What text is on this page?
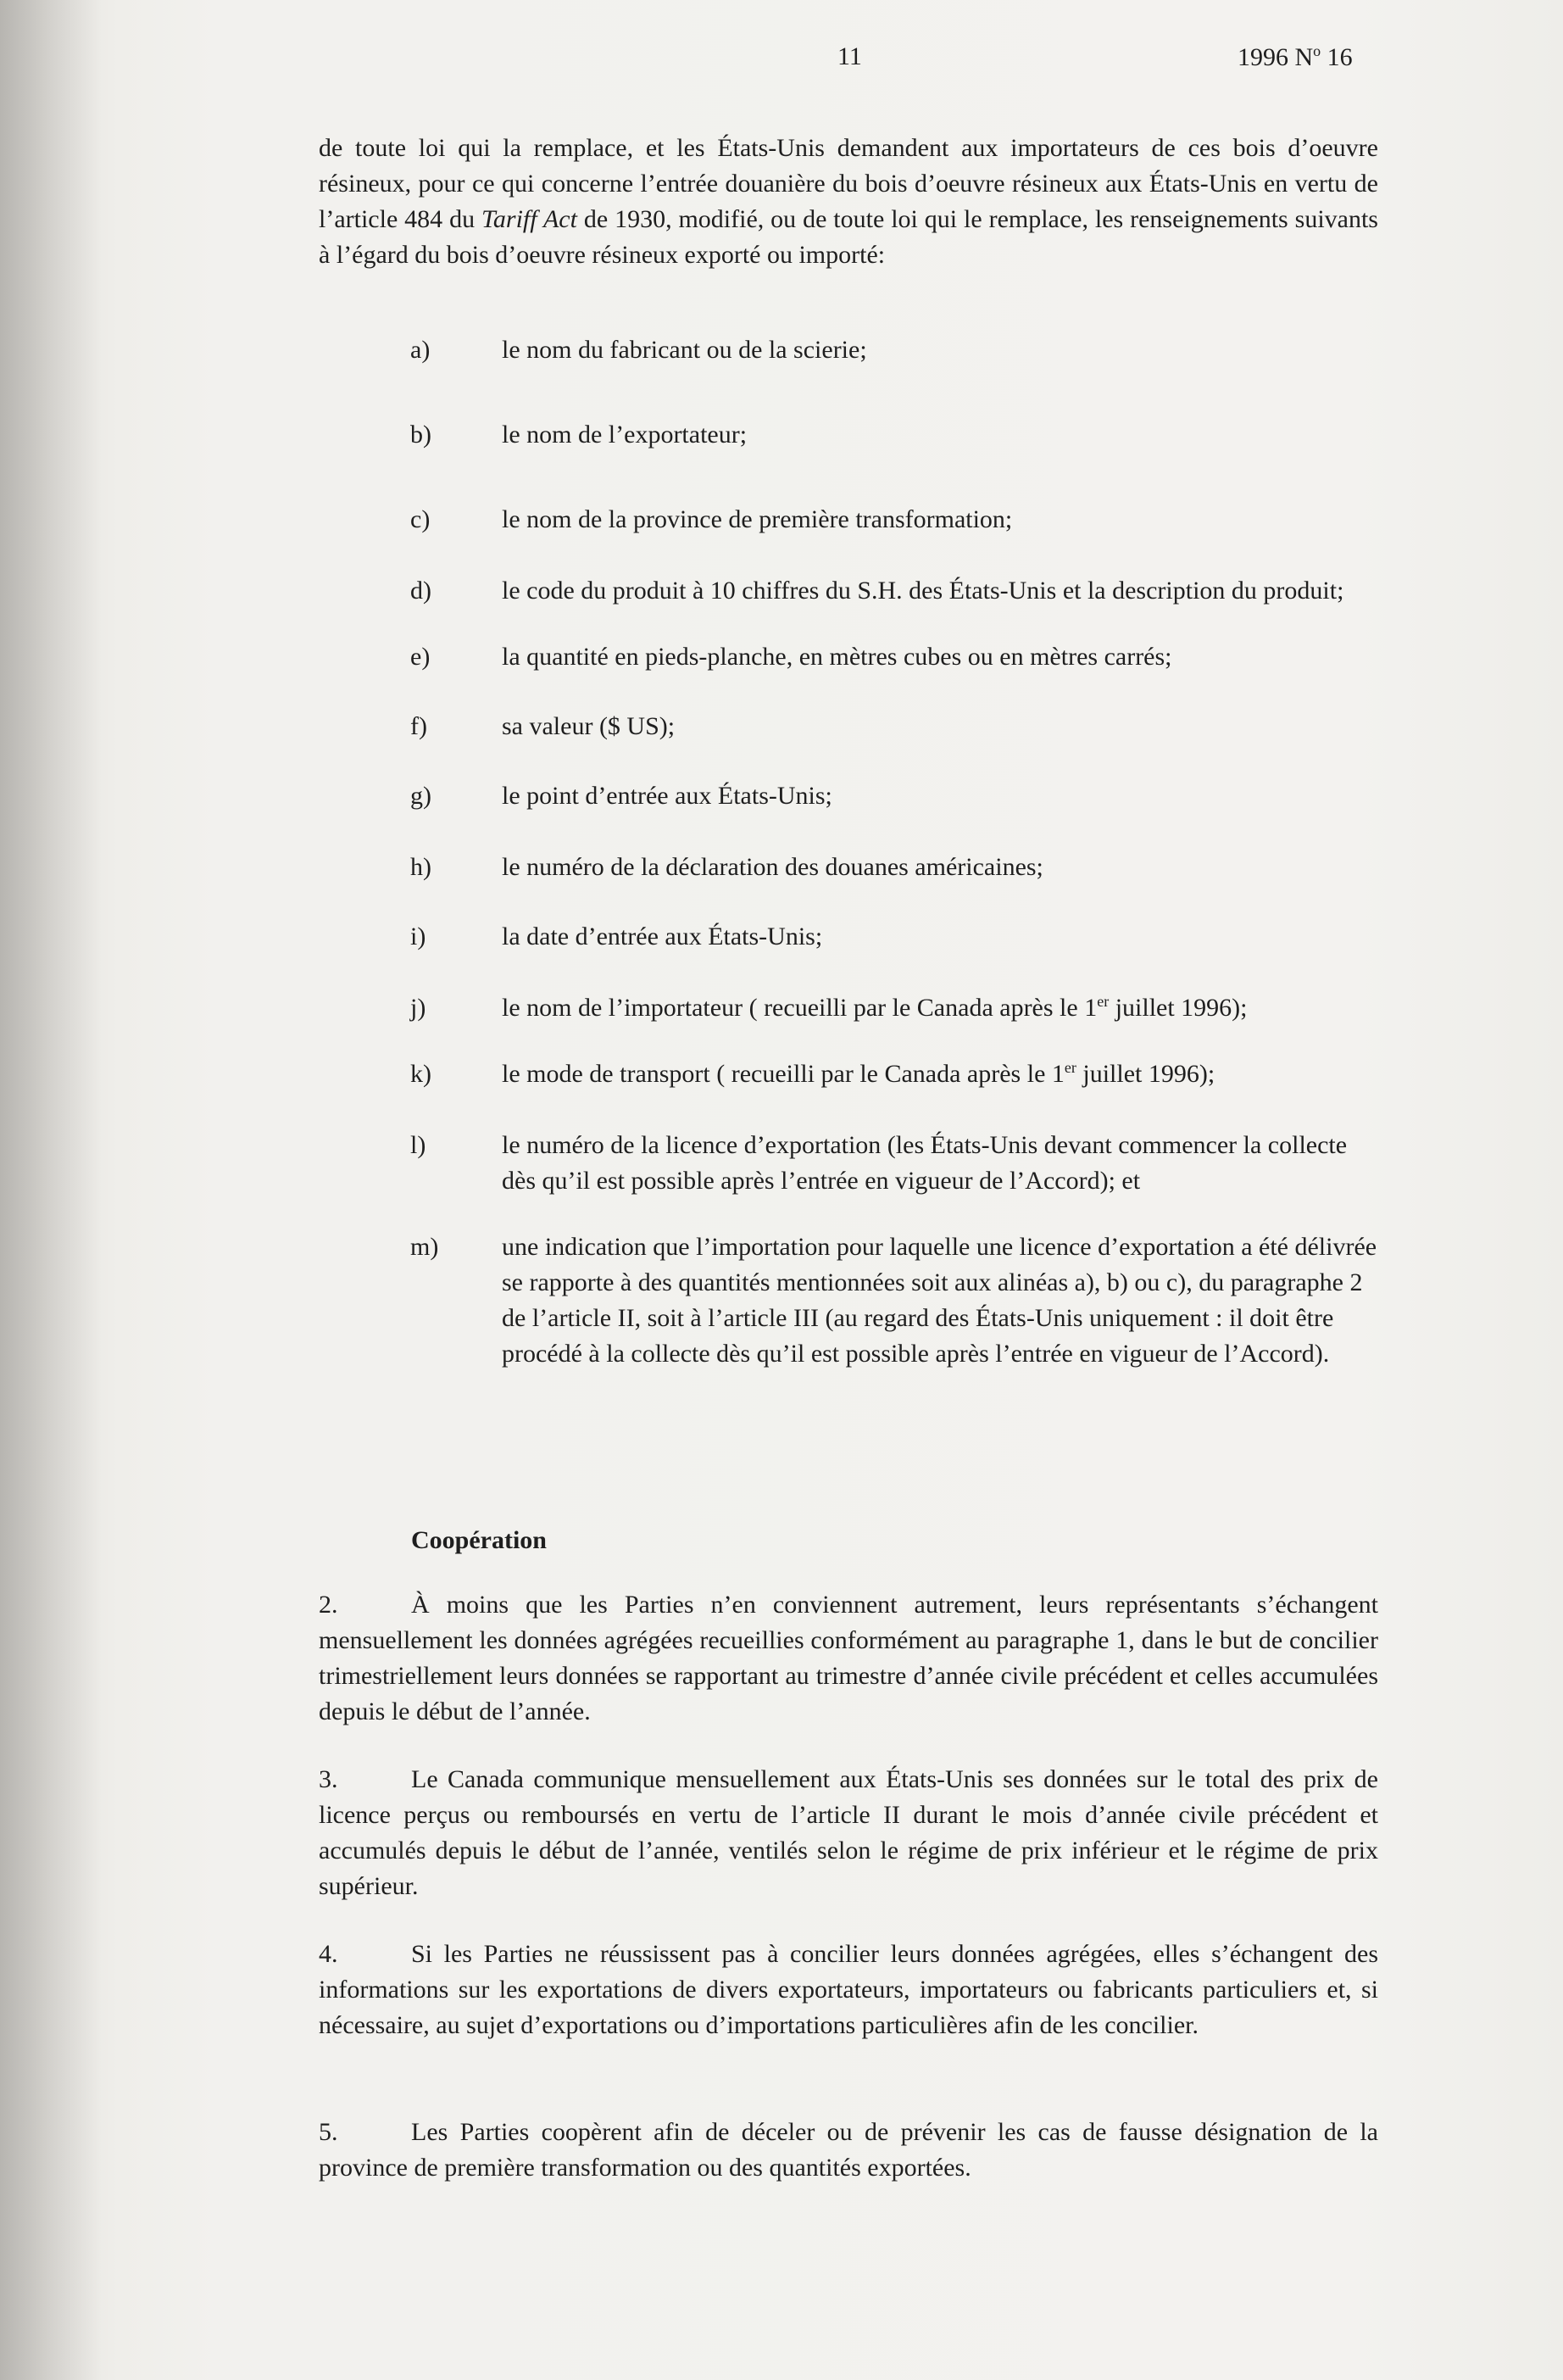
11	1996 N$^o$ 16
de toute loi qui la remplace, et les États-Unis demandent aux importateurs de ces bois d’oeuvre résineux, pour ce qui concerne l’entrée douanière du bois d’oeuvre résineux aux États-Unis en vertu de l’article 484 du Tariff Act de 1930, modifié, ou de toute loi qui le remplace, les renseignements suivants à l’égard du bois d’oeuvre résineux exporté ou importé:
a)	le nom du fabricant ou de la scierie;
b)	le nom de l’exportateur;
c)	le nom de la province de première transformation;
d)	le code du produit à 10 chiffres du S.H. des États-Unis et la description du produit;
e)	la quantité en pieds-planche, en mètres cubes ou en mètres carrés;
f)	sa valeur ($ US);
g)	le point d’entrée aux États-Unis;
h)	le numéro de la déclaration des douanes américaines;
i)	la date d’entrée aux États-Unis;
j)	le nom de l’importateur ( recueilli par le Canada après le 1er juillet 1996);
k)	le mode de transport ( recueilli par le Canada après le 1er juillet 1996);
l)	le numéro de la licence d’exportation (les États-Unis devant commencer la collecte dès qu’il est possible après l’entrée en vigueur de l’Accord); et
m) une indication que l’importation pour laquelle une licence d’exportation a été délivrée se rapporte à des quantités mentionnées soit aux alinéas a), b) ou c), du paragraphe 2 de l’article II, soit à l’article III (au regard des États-Unis uniquement : il doit être procédé à la collecte dès qu’il est possible après l’entrée en vigueur de l’Accord).
Coopération
2.	À moins que les Parties n’en conviennent autrement, leurs représentants s’échangent mensuellement les données agrégées recueillies conformément au paragraphe 1, dans le but de concilier trimestriellement leurs données se rapportant au trimestre d’année civile précédent et celles accumulées depuis le début de l’année.
3.	Le Canada communique mensuellement aux États-Unis ses données sur le total des prix de licence perçus ou remboursés en vertu de l’article II durant le mois d’année civile précédent et accumulés depuis le début de l’année, ventilés selon le régime de prix inférieur et le régime de prix supérieur.
4.	Si les Parties ne réussissent pas à concilier leurs données agrégées, elles s’échangent des informations sur les exportations de divers exportateurs, importateurs ou fabricants particuliers et, si nécessaire, au sujet d’exportations ou d’importations particulières afin de les concilier.
5.	Les Parties coopèrent afin de déceler ou de prévenir les cas de fausse désignation de la province de première transformation ou des quantités exportées.
